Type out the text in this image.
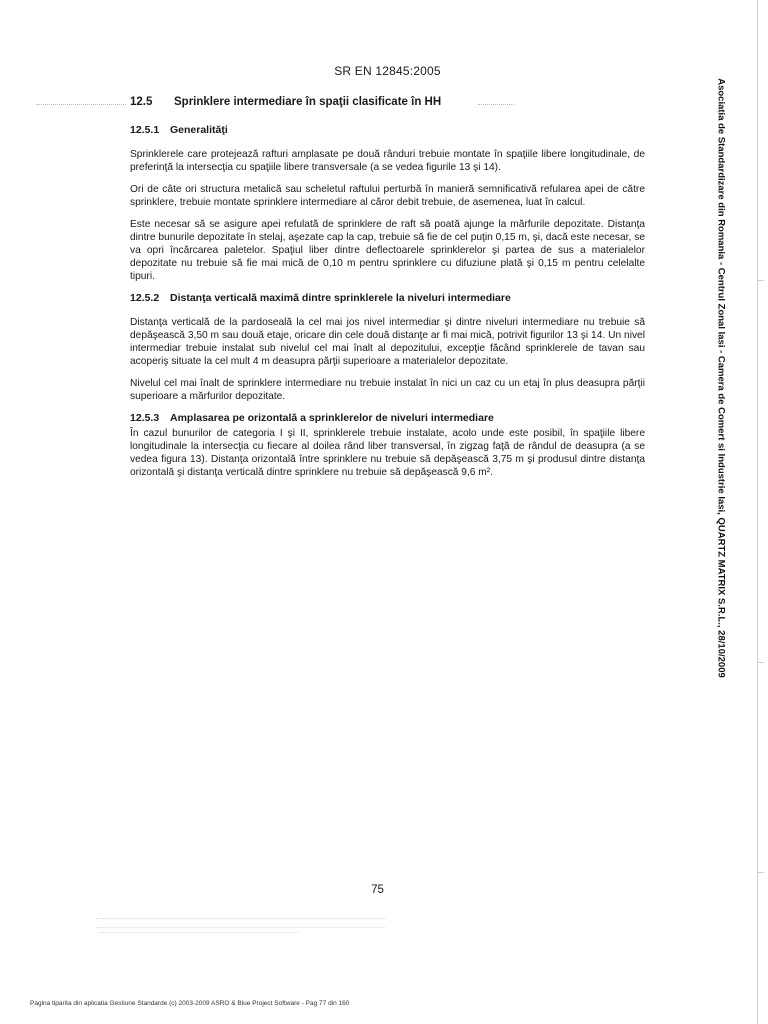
SR EN 12845:2005
12.5 Sprinklere intermediare în spaţii clasificate în HH
12.5.1 Generalităţi

Sprinklerele care protejează rafturi amplasate pe două rânduri trebuie montate în spaţiile libere longitudinale, de preferinţă la intersecţia cu spaţiile libere transversale (a se vedea figurile 13 şi 14).

Ori de câte ori structura metalică sau scheletul raftului perturbă în manieră semnificativă refularea apei de către sprinklere, trebuie montate sprinklere intermediare al căror debit trebuie, de asemenea, luat în calcul.

Este necesar să se asigure apei refulată de sprinklere de raft să poată ajunge la mărfurile depozitate. Distanţa dintre bunurile depozitate în stelaj, aşezate cap la cap, trebuie să fie de cel puţin 0,15 m, şi, dacă este necesar, se va opri încărcarea paletelor. Spaţiul liber dintre deflectoarele sprinklerelor şi partea de sus a materialelor depozitate nu trebuie să fie mai mică de 0,10 m pentru sprinklere cu difuziune plată şi 0,15 m pentru celelalte tipuri.

12.5.2 Distanţa verticală maximă dintre sprinklerele la niveluri intermediare

Distanţa verticală de la pardoseală la cel mai jos nivel intermediar şi dintre niveluri intermediare nu trebuie să depăşească 3,50 m sau două etaje, oricare din cele două distanţe ar fi mai mică, potrivit figurilor 13 şi 14. Un nivel intermediar trebuie instalat sub nivelul cel mai înalt al depozitului, excepţie făcând sprinklerele de tavan sau acoperiş situate la cel mult 4 m deasupra părţii superioare a materialelor depozitate.

Nivelul cel mai înalt de sprinklere intermediare nu trebuie instalat în nici un caz cu un etaj în plus deasupra părţii superioare a mărfurilor depozitate.

12.5.3 Amplasarea pe orizontală a sprinklerelor de niveluri intermediare

În cazul bunurilor de categoria I şi II, sprinklerele trebuie instalate, acolo unde este posibil, în spaţiile libere longitudinale la intersecţia cu fiecare al doilea rând liber transversal, în zigzag faţă de rândul de deasupra (a se vedea figura 13). Distanţa orizontală între sprinklere nu trebuie să depăşească 3,75 m şi produsul dintre distanţa orizontală şi distanţa verticală dintre sprinklere nu trebuie să depăşească 9,6 m².

75
Pagina tiparita din aplicatia Gestiune Standarde (c) 2003-2009 ASRO & Blue Project Software - Pag 77 din 160
Asociatia de Standardizare din Romania - Centrul Zonal Iasi - Camera de Comert si Industrie Iasi, QUARTZ MATRIX S.R.L., 28/10/2009
